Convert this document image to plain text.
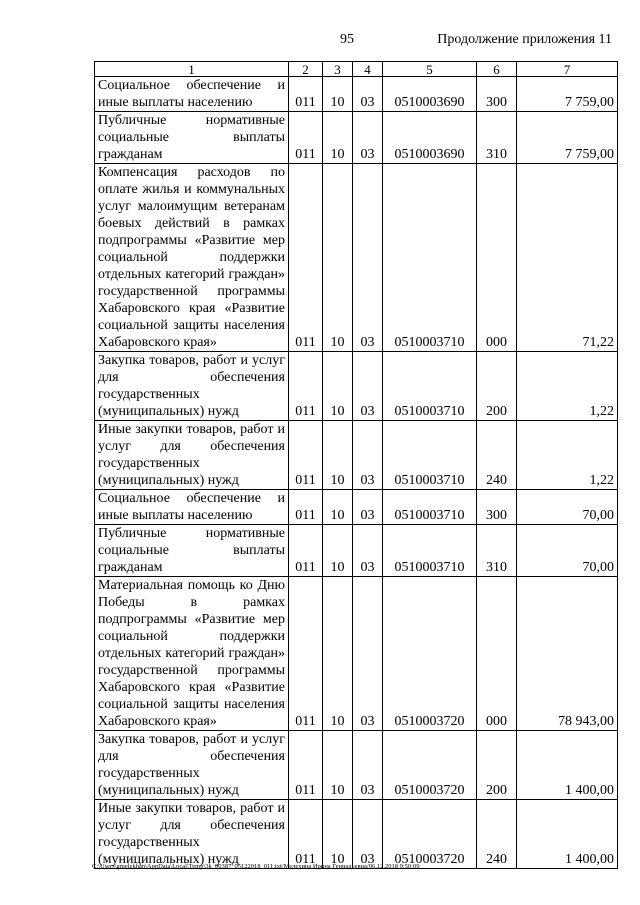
95	Продолжение приложения 11
1	2	3	4	5	6	7
Социальное обеспечение и иные выплаты населению	011	10	03	0510003690	300	7 759,00
Публичные нормативные социальные выплаты гражданам	011	10	03	0510003690	310	7 759,00
Компенсация расходов по оплате жилья и коммунальных услуг малоимущим ветеранам боевых действий в рамках подпрограммы «Развитие мер социальной поддержки отдельных категорий граждан» государственной программы Хабаровского края «Развитие социальной защиты населения Хабаровского края»	011	10	03	0510003710	000	71,22
Закупка товаров, работ и услуг для обеспечения государственных (муниципальных) нужд	011	10	03	0510003710	200	1,22
Иные закупки товаров, работ и услуг для обеспечения государственных (муниципальных) нужд	011	10	03	0510003710	240	1,22
Социальное обеспечение и иные выплаты населению	011	10	03	0510003710	300	70,00
Публичные нормативные социальные выплаты гражданам	011	10	03	0510003710	310	70,00
Материальная помощь ко Дню Победы в рамках подпрограммы «Развитие мер социальной поддержки отдельных категорий граждан» государственной программы Хабаровского края «Развитие социальной защиты населения Хабаровского края»	011	10	03	0510003720	000	78 943,00
Закупка товаров, работ и услуг для обеспечения государственных (муниципальных) нужд	011	10	03	0510003720	200	1 400,00
Иные закупки товаров, работ и услуг для обеспечения государственных (муниципальных) нужд	011	10	03	0510003720	240	1 400,00
C:\Users\gmelekhan\AppData\Local\Temp\3k_00387_05122018_011.txt/Мелехина Ирина Геннадьевна/06.12.2018 9:50:09
